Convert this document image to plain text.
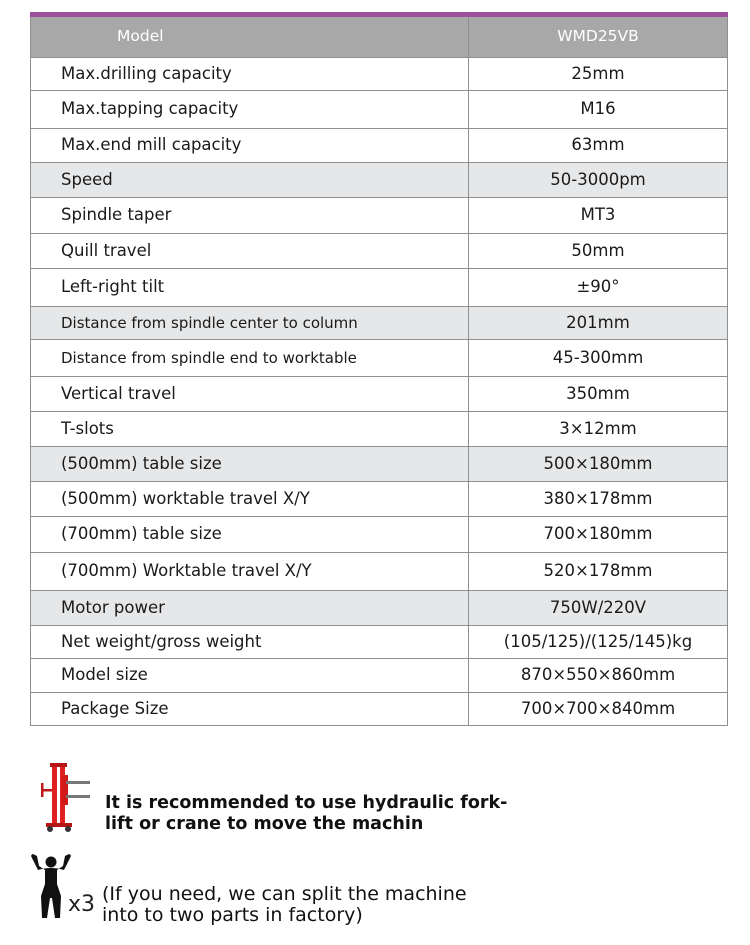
Model	WMD25VB
Max.drilling capacity	25mm
Max.tapping capacity	M16
Max.end mill capacity	63mm
Speed	50-3000pm
Spindle taper	MT3
Quill travel	50mm
Left-right tilt	±90°
Distance from spindle center to column	201mm
Distance from spindle end to worktable	45-300mm
Vertical travel	350mm
T-slots	3×12mm
(500mm) table size	500×180mm
(500mm) worktable travel X/Y	380×178mm
(700mm) table size	700×180mm
(700mm) Worktable travel X/Y	520×178mm
Motor power	750W/220V
Net weight/gross weight	(105/125)/(125/145)kg
Model size	870×550×860mm
Package Size	700×700×840mm

It is recommended to use hydraulic fork-
lift or crane to move the machin

x3 (If you need, we can split the machine
into to two parts in factory)
